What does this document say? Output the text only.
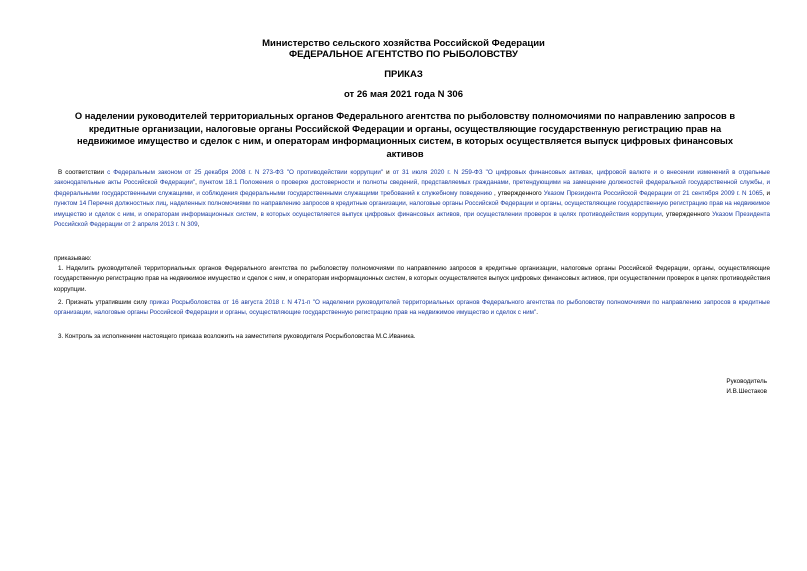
Министерство сельского хозяйства Российской Федерации
ФЕДЕРАЛЬНОЕ АГЕНТСТВО ПО РЫБОЛОВСТВУ
ПРИКАЗ
от 26 мая 2021 года N 306
О наделении руководителей территориальных органов Федерального агентства по рыболовству полномочиями по направлению запросов в кредитные организации, налоговые органы Российской Федерации и органы, осуществляющие государственную регистрацию прав на недвижимое имущество и сделок с ним, и операторам информационных систем, в которых осуществляется выпуск цифровых финансовых активов
В соответствии с Федеральным законом от 25 декабря 2008 г. N 273-ФЗ "О противодействии коррупции" и от 31 июля 2020 г. N 259-ФЗ "О цифровых финансовых активах, цифровой валюте и о внесении изменений в отдельные законодательные акты Российской Федерации", пунктом 18.1 Положения о проверке достоверности и полноты сведений, представляемых гражданами, претендующими на замещение должностей федеральной государственной службы, и федеральными государственными служащими, и соблюдения федеральными государственными служащими требований к служебному поведению , утвержденного Указом Президента Российской Федерации от 21 сентября 2009 г. N 1065, и пунктом 14 Перечня должностных лиц, наделенных полномочиями по направлению запросов в кредитные организации, налоговые органы Российской Федерации и органы, осуществляющие государственную регистрацию прав на недвижимое имущество и сделок с ним, и операторам информационных систем, в которых осуществляется выпуск цифровых финансовых активов, при осуществлении проверок в целях противодействия коррупции, утвержденного Указом Президента Российской Федерации от 2 апреля 2013 г. N 309,
приказываю:
1. Наделить руководителей территориальных органов Федерального агентства по рыболовству полномочиями по направлению запросов в кредитные организации, налоговые органы Российской Федерации, органы, осуществляющие государственную регистрацию прав на недвижимое имущество и сделок с ним, и операторам информационных систем, в которых осуществляется выпуск цифровых финансовых активов, при осуществлении проверок в целях противодействия коррупции.
2. Признать утратившим силу приказ Росрыболовства от 16 августа 2018 г. N 471-п "О наделении руководителей территориальных органов Федерального агентства по рыболовству полномочиями по направлению запросов в кредитные организации, налоговые органы Российской Федерации и органы, осуществляющие государственную регистрацию прав на недвижимое имущество и сделок с ним".
3. Контроль за исполнением настоящего приказа возложить на заместителя руководителя Росрыболовства М.С.Иваника.
Руководитель
И.В.Шестаков
